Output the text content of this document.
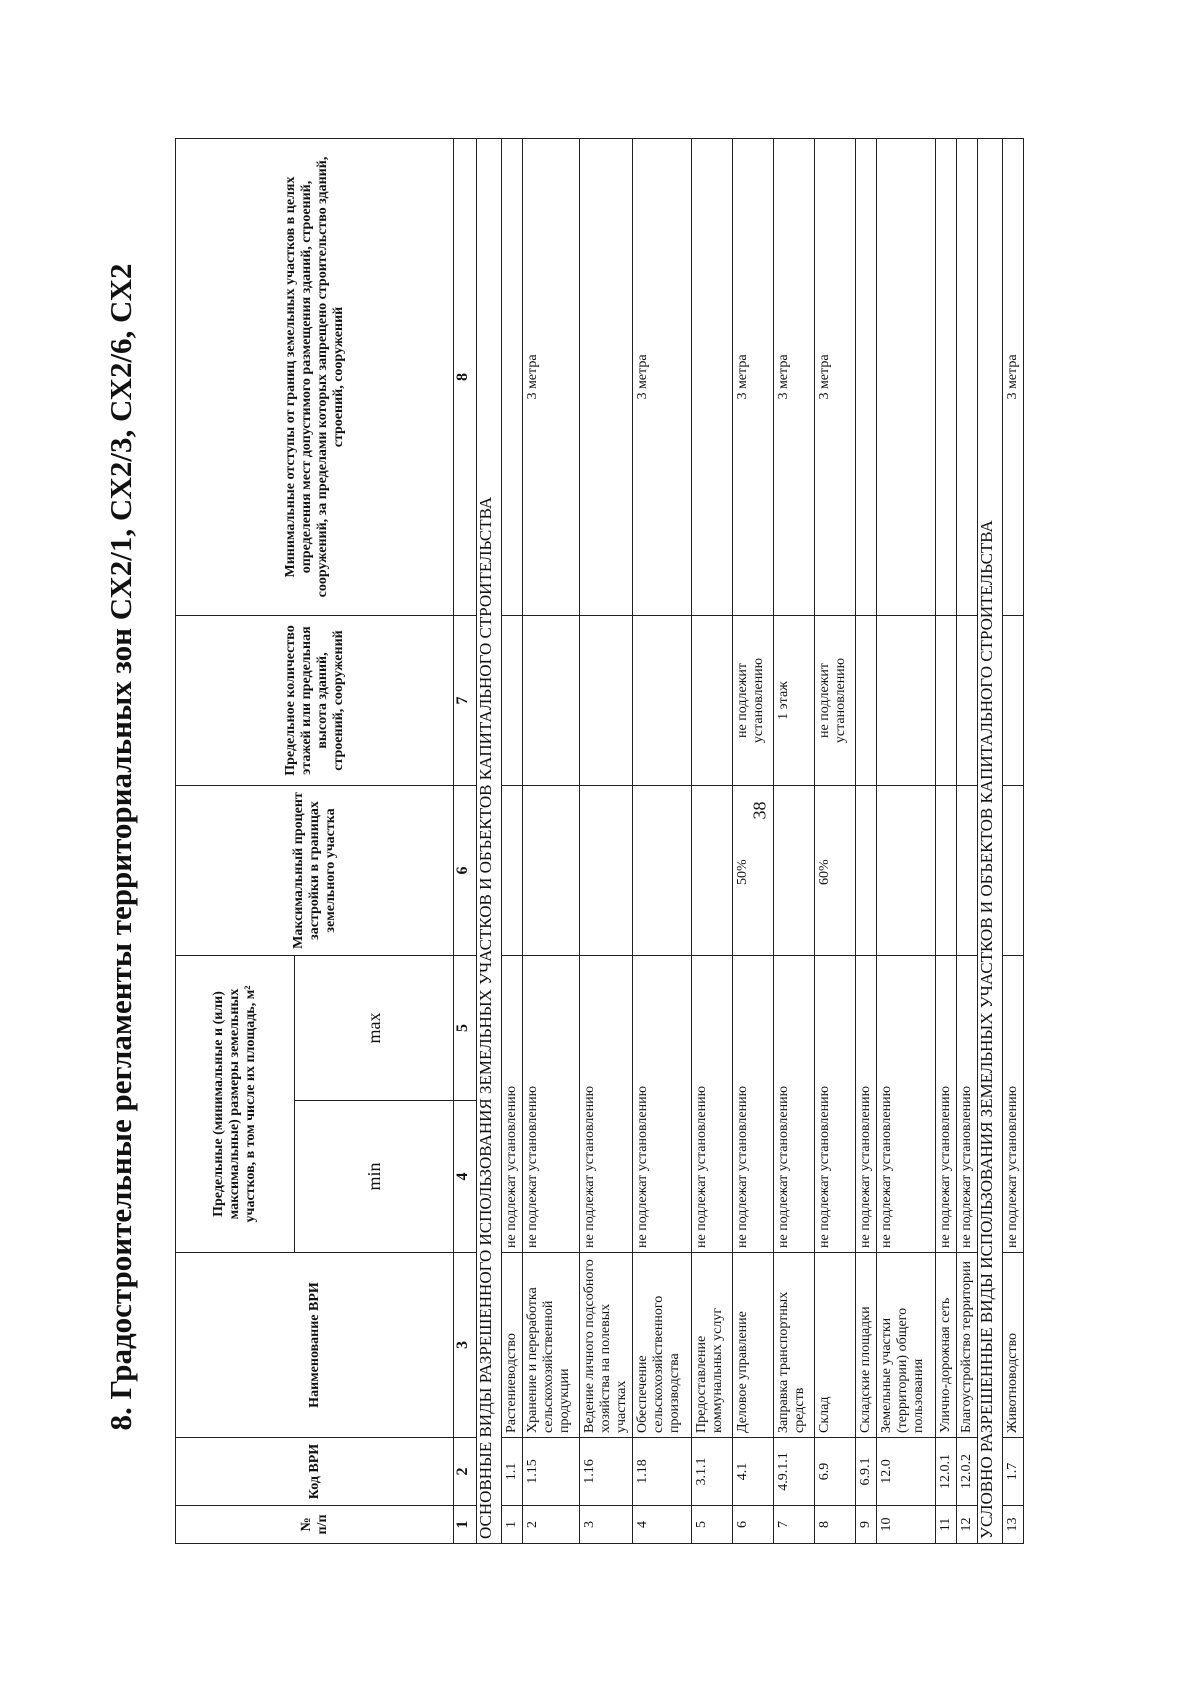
38
8. Градостроительные регламенты территориальных зон СХ2/1, СХ2/3, СХ2/6, СХ2
№ п/п	Код ВРИ	Наименование ВРИ	Предельные (минимальные и (или) максимальные) размеры земельных участков, в том числе их площадь, м²		Максимальный процент застройки в границах земельного участка	Предельное количество этажей или предельная высота зданий, строений, сооружений	Минимальные отступы от границ земельных участков в целях определения мест допустимого размещения зданий, строений, сооружений, за пределами которых запрещено строительство зданий, строений, сооружений
			min	max			
1	2	3	4	5	6	7	8
ОСНОВНЫЕ ВИДЫ РАЗРЕШЕННОГО ИСПОЛЬЗОВАНИЯ ЗЕМЕЛЬНЫХ УЧАСТКОВ И ОБЪЕКТОВ КАПИТАЛЬНОГО СТРОИТЕЛЬСТВА							
1	1.1	Растениеводство	не подлежат установлению				
2	1.15	Хранение и переработка сельскохозяйственной продукции	не подлежат установлению				3 метра
3	1.16	Ведение личного подсобного хозяйства на полевых участках	не подлежат установлению				
4	1.18	Обеспечение сельскохозяйственного производства	не подлежат установлению				3 метра
5	3.1.1	Предоставление коммунальных услуг	не подлежат установлению				
6	4.1	Деловое управление	не подлежат установлению		50%	не подлежит установлению	3 метра
7	4.9.1.1	Заправка транспортных средств	не подлежат установлению			1 этаж	3 метра
8	6.9	Склад	не подлежат установлению		60%	не подлежит установлению	3 метра
9	6.9.1	Складские площадки	не подлежат установлению				
10	12.0	Земельные участки (территории) общего пользования	не подлежат установлению				
11	12.0.1	Улично-дорожная сеть	не подлежат установлению				
12	12.0.2	Благоустройство территории	не подлежат установлению				
УСЛОВНО РАЗРЕШЕННЫЕ ВИДЫ ИСПОЛЬЗОВАНИЯ ЗЕМЕЛЬНЫХ УЧАСТКОВ И ОБЪЕКТОВ КАПИТАЛЬНОГО СТРОИТЕЛЬСТВА							
13	1.7	Животноводство	не подлежат установлению				3 метра
